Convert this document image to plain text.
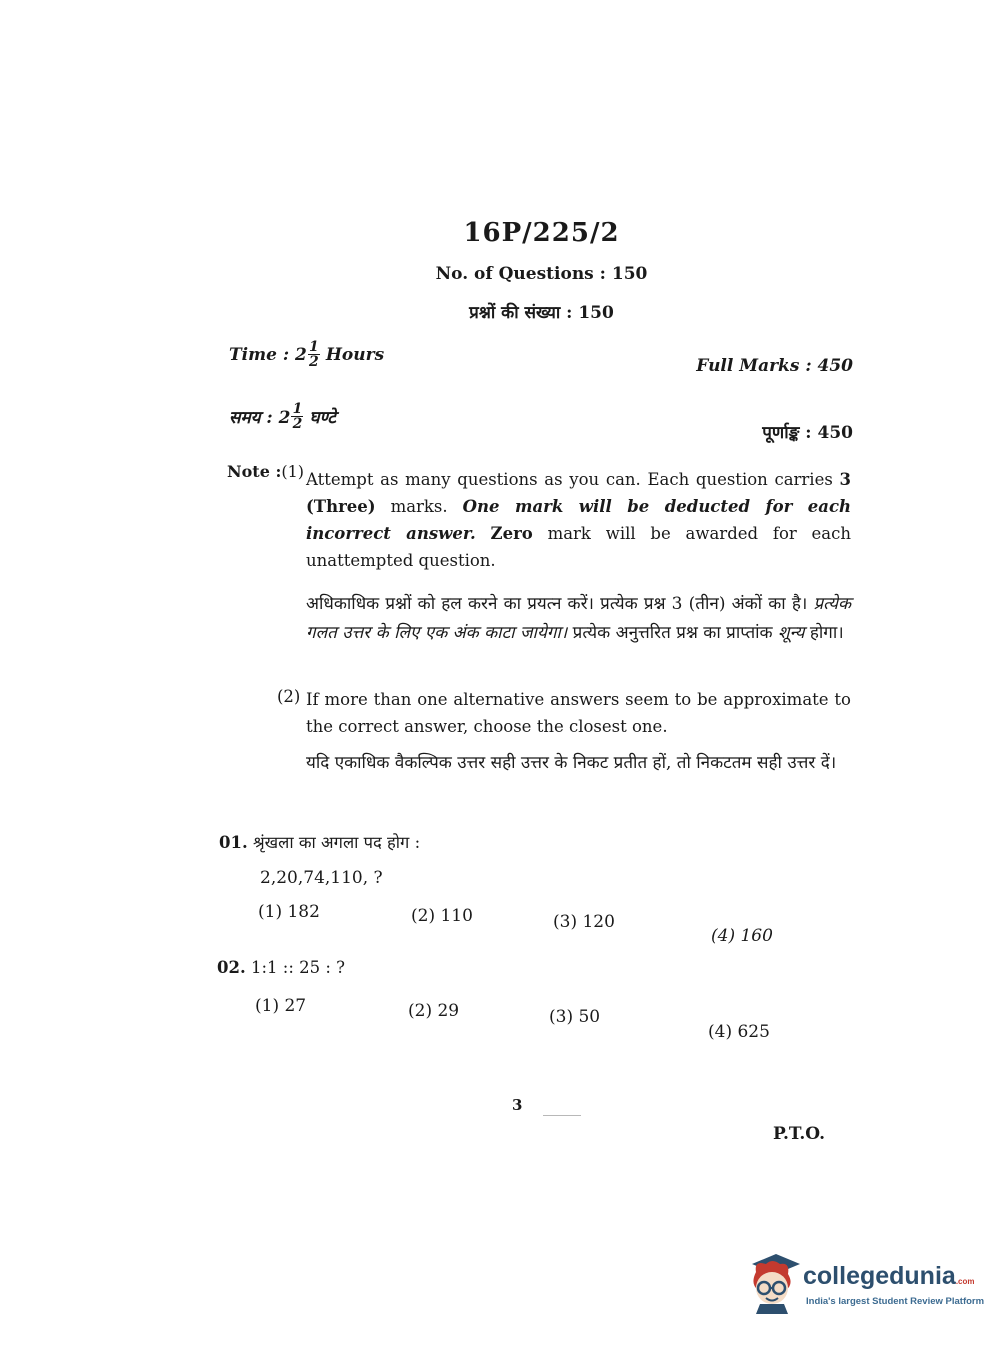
16P/225/2
No. of Questions : 150
प्रश्नों की संख्या : 150
Time : $2 \frac{1}{2}$ Hours
Full Marks : 450
समय : $2 \frac{1}{2}$ घण्टे
पूर्णाङ्क : 450
Note :(1) Attempt as many questions as you can. Each question carries 3 (Three) marks. One mark will be deducted for each incorrect answer. Zero mark will be awarded for each unattempted question.
अधिकाधिक प्रश्नों को हल करने का प्रयत्न करें। प्रत्येक प्रश्न 3 (तीन) अंकों का है। प्रत्येक गलत उत्तर के लिए एक अंक काटा जायेगा। प्रत्येक अनुत्तरित प्रश्न का प्राप्तांक शून्य होगा।
(2) If more than one alternative answers seem to be approximate to the correct answer, choose the closest one.
यदि एकाधिक वैकल्पिक उत्तर सही उत्तर के निकट प्रतीत हों, तो निकटतम सही उत्तर दें।
01. श्रृंखला का अगला पद होग :
2,20,74,110, ?
(1) 182	(2) 110	(3) 120
(4) 160
02. 1:1 :: 25 : ?
(1) 27	(2) 29	(3) 50
(4) 625
3
P.T.O.
collegedunia.com
India's largest Student Review Platform
